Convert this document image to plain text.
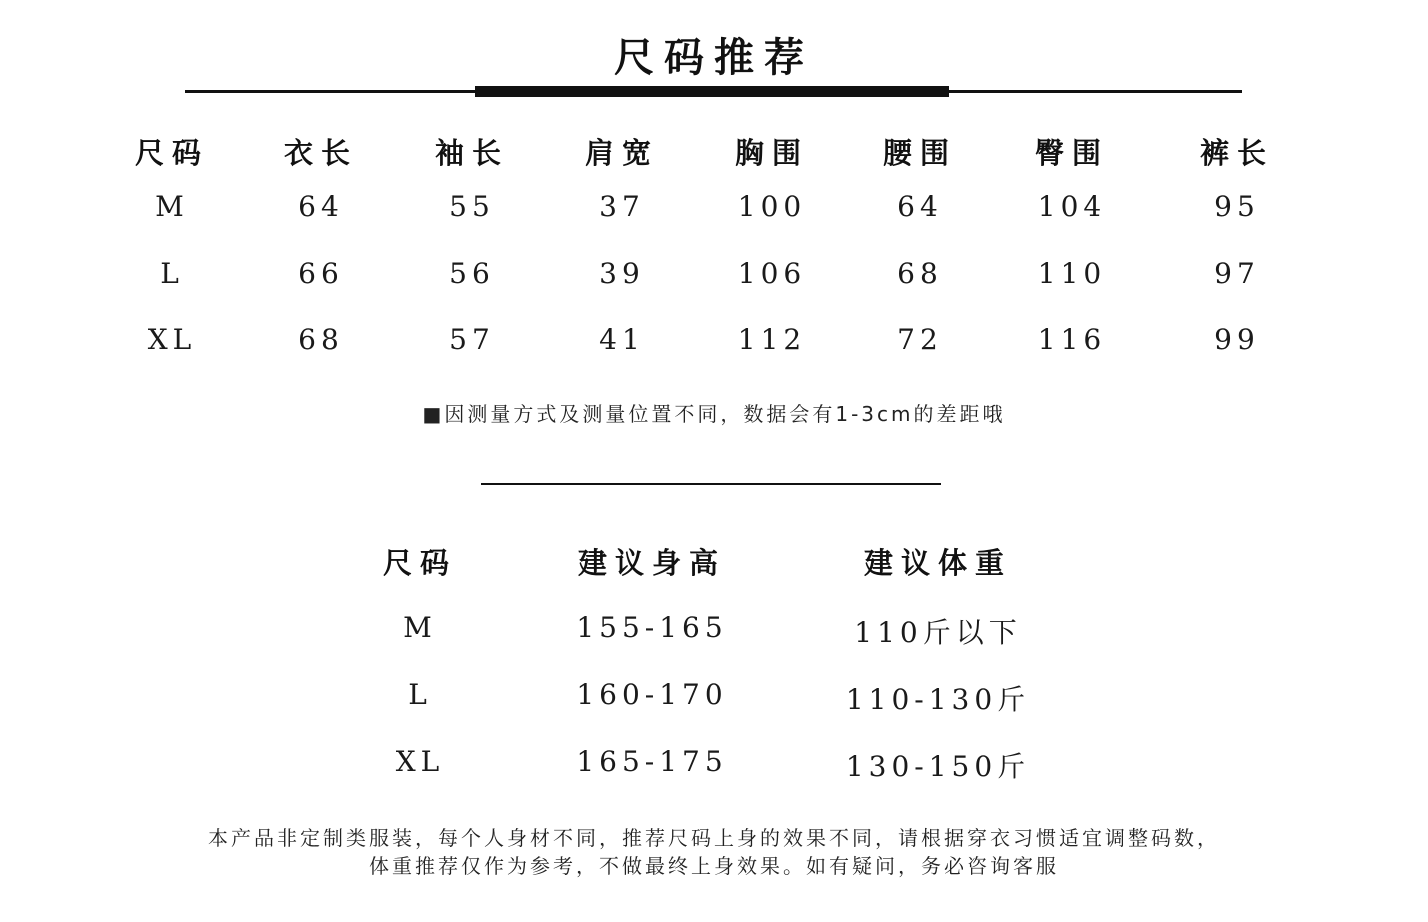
尺码推荐
尺码	衣长	袖长	肩宽	胸围	腰围	臀围	裤长
M	64	55	37	100	64	104	95
L	66	56	39	106	68	110	97
XL	68	57	41	112	72	116	99
■因测量方式及测量位置不同，数据会有1-3cm的差距哦
尺码	建议身高	建议体重
M	155-165	110斤以下
L	160-170	110-130斤
XL	165-175	130-150斤
本产品非定制类服装，每个人身材不同，推荐尺码上身的效果不同，请根据穿衣习惯适宜调整码数，
体重推荐仅作为参考，不做最终上身效果。如有疑问，务必咨询客服
